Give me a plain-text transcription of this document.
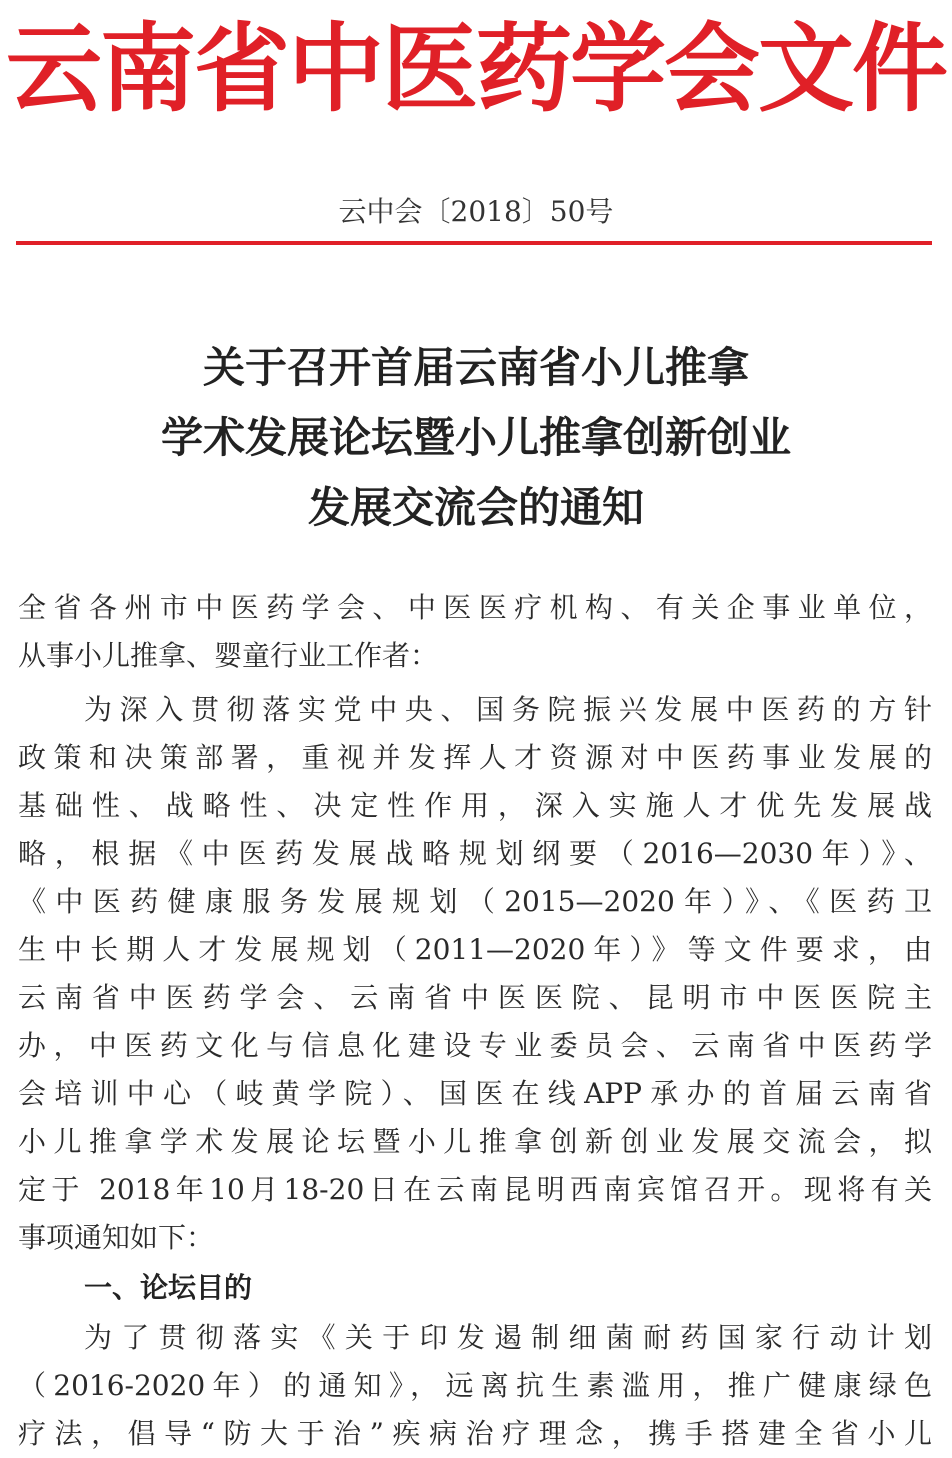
云南省中医药学会文件
云中会〔2018〕50号
关于召开首届云南省小儿推拿
学术发展论坛暨小儿推拿创新创业
发展交流会的通知
全省各州市中医药学会、中医医疗机构、有关企事业单位，
从事小儿推拿、婴童行业工作者：
为深入贯彻落实党中央、国务院振兴发展中医药的方针
政策和决策部署，重视并发挥人才资源对中医药事业发展的
基础性、战略性、决定性作用，深入实施人才优先发展战
略，根据《中医药发展战略规划纲要（2016—2030年）》、
《中医药健康服务发展规划（2015—2020年）》、《医药卫
生中长期人才发展规划（2011—2020年）》等文件要求，由
云南省中医药学会、云南省中医医院、昆明市中医医院主
办，中医药文化与信息化建设专业委员会、云南省中医药学
会培训中心（岐黄学院）、国医在线APP承办的首届云南省
小儿推拿学术发展论坛暨小儿推拿创新创业发展交流会，拟
定于 2018年10月18-20日在云南昆明西南宾馆召开。现将有关
事项通知如下：
一、论坛目的
为了贯彻落实《关于印发遏制细菌耐药国家行动计划
（2016-2020年）的通知》，远离抗生素滥用，推广健康绿色
疗法，倡导“防大于治”疾病治疗理念，携手搭建全省小儿
